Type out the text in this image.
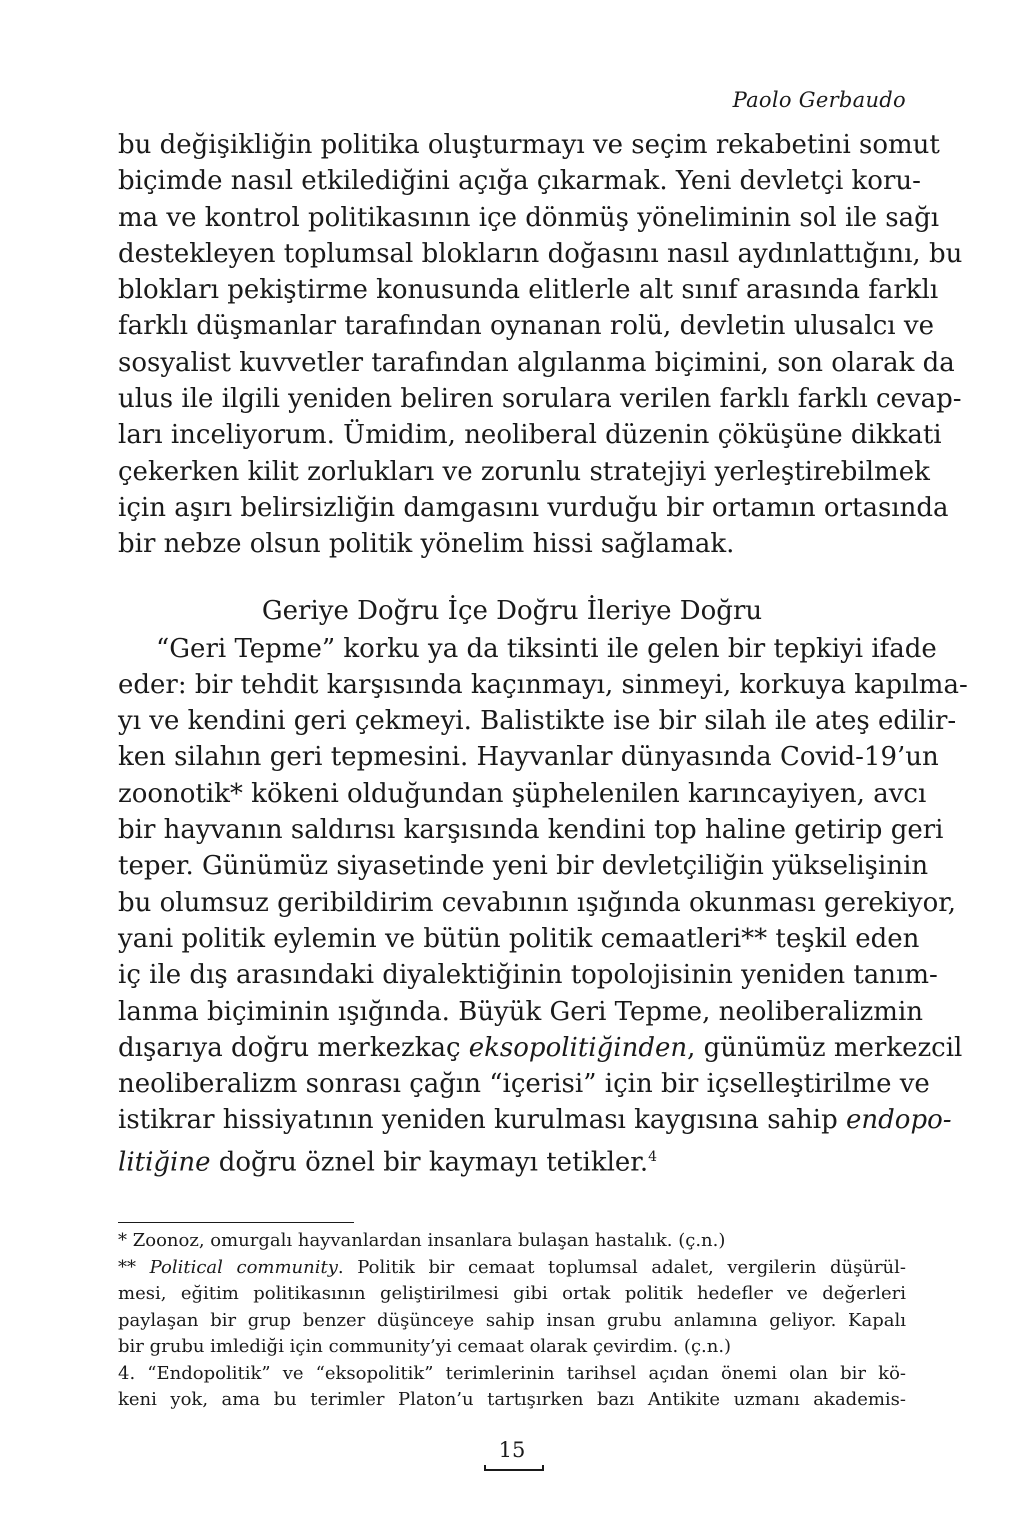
Paolo Gerbaudo
bu değişikliğin politika oluşturmayı ve seçim rekabetini somut
biçimde nasıl etkilediğini açığa çıkarmak. Yeni devletçi koru-
ma ve kontrol politikasının içe dönmüş yöneliminin sol ile sağı
destekleyen toplumsal blokların doğasını nasıl aydınlattığını, bu
blokları pekiştirme konusunda elitlerle alt sınıf arasında farklı
farklı düşmanlar tarafından oynanan rolü, devletin ulusalcı ve
sosyalist kuvvetler tarafından algılanma biçimini, son olarak da
ulus ile ilgili yeniden beliren sorulara verilen farklı farklı cevap-
ları inceliyorum. Ümidim, neoliberal düzenin çöküşüne dikkati
çekerken kilit zorlukları ve zorunlu stratejiyi yerleştirebilmek
için aşırı belirsizliğin damgasını vurduğu bir ortamın ortasında
bir nebze olsun politik yönelim hissi sağlamak.
Geriye Doğru İçe Doğru İleriye Doğru
“Geri Tepme” korku ya da tiksinti ile gelen bir tepkiyi ifade
eder: bir tehdit karşısında kaçınmayı, sinmeyi, korkuya kapılma-
yı ve kendini geri çekmeyi. Balistikte ise bir silah ile ateş edilir-
ken silahın geri tepmesini. Hayvanlar dünyasında Covid-19’un
zoonotik* kökeni olduğundan şüphelenilen karıncayiyen, avcı
bir hayvanın saldırısı karşısında kendini top haline getirip geri
teper. Günümüz siyasetinde yeni bir devletçiliğin yükselişinin
bu olumsuz geribildirim cevabının ışığında okunması gerekiyor,
yani politik eylemin ve bütün politik cemaatleri** teşkil eden
iç ile dış arasındaki diyalektiğinin topolojisinin yeniden tanım-
lanma biçiminin ışığında. Büyük Geri Tepme, neoliberalizmin
dışarıya doğru merkezkaç eksopolitiğinden, günümüz merkezcil
neoliberalizm sonrası çağın “içerisi” için bir içselleştirilme ve
istikrar hissiyatının yeniden kurulması kaygısına sahip endopo-
litiğine doğru öznel bir kaymayı tetikler.$^4$
* Zoonoz, omurgalı hayvanlardan insanlara bulaşan hastalık. (ç.n.)
** Political community. Politik bir cemaat toplumsal adalet, vergilerin düşürül-
mesi, eğitim politikasının geliştirilmesi gibi ortak politik hedefler ve değerleri
paylaşan bir grup benzer düşünceye sahip insan grubu anlamına geliyor. Kapalı
bir grubu imlediği için community’yi cemaat olarak çevirdim. (ç.n.)
4. “Endopolitik” ve “eksopolitik” terimlerinin tarihsel açıdan önemi olan bir kö-
keni yok, ama bu terimler Platon’u tartışırken bazı Antikite uzmanı akademis-
15
